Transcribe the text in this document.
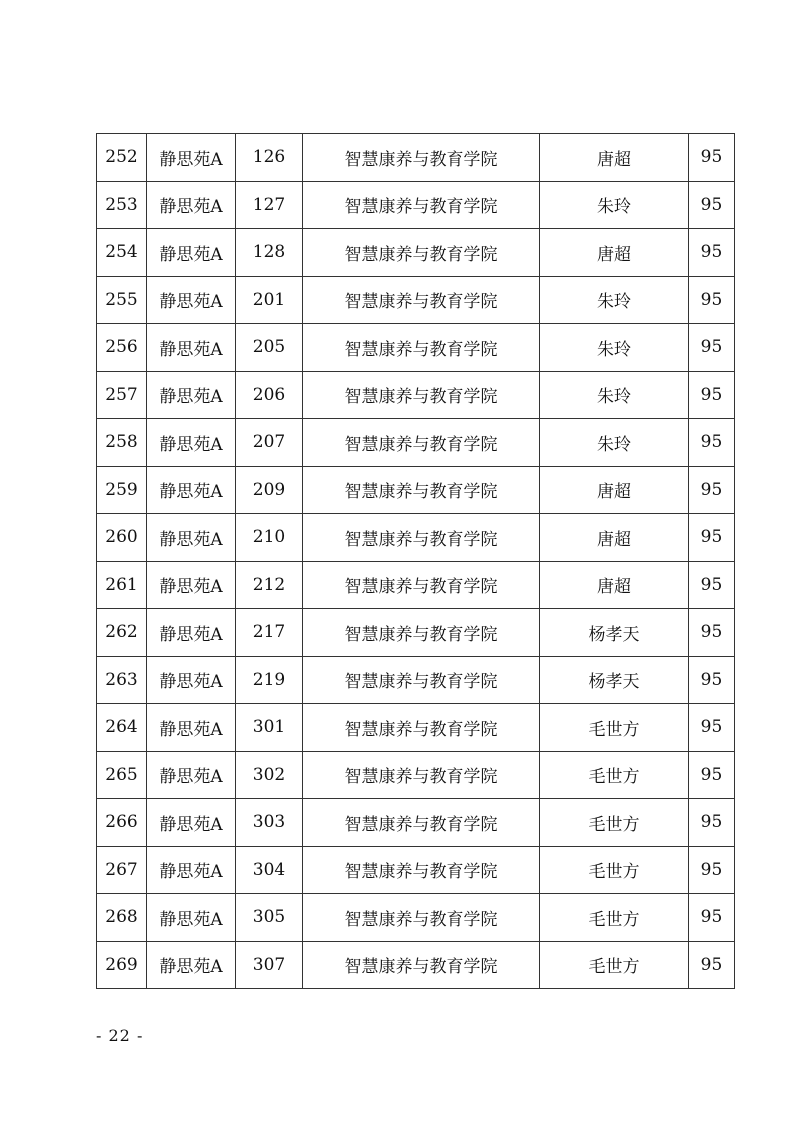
252	静思苑A	126	智慧康养与教育学院	唐超	95
253	静思苑A	127	智慧康养与教育学院	朱玲	95
254	静思苑A	128	智慧康养与教育学院	唐超	95
255	静思苑A	201	智慧康养与教育学院	朱玲	95
256	静思苑A	205	智慧康养与教育学院	朱玲	95
257	静思苑A	206	智慧康养与教育学院	朱玲	95
258	静思苑A	207	智慧康养与教育学院	朱玲	95
259	静思苑A	209	智慧康养与教育学院	唐超	95
260	静思苑A	210	智慧康养与教育学院	唐超	95
261	静思苑A	212	智慧康养与教育学院	唐超	95
262	静思苑A	217	智慧康养与教育学院	杨孝天	95
263	静思苑A	219	智慧康养与教育学院	杨孝天	95
264	静思苑A	301	智慧康养与教育学院	毛世方	95
265	静思苑A	302	智慧康养与教育学院	毛世方	95
266	静思苑A	303	智慧康养与教育学院	毛世方	95
267	静思苑A	304	智慧康养与教育学院	毛世方	95
268	静思苑A	305	智慧康养与教育学院	毛世方	95
269	静思苑A	307	智慧康养与教育学院	毛世方	95
- 22 -
